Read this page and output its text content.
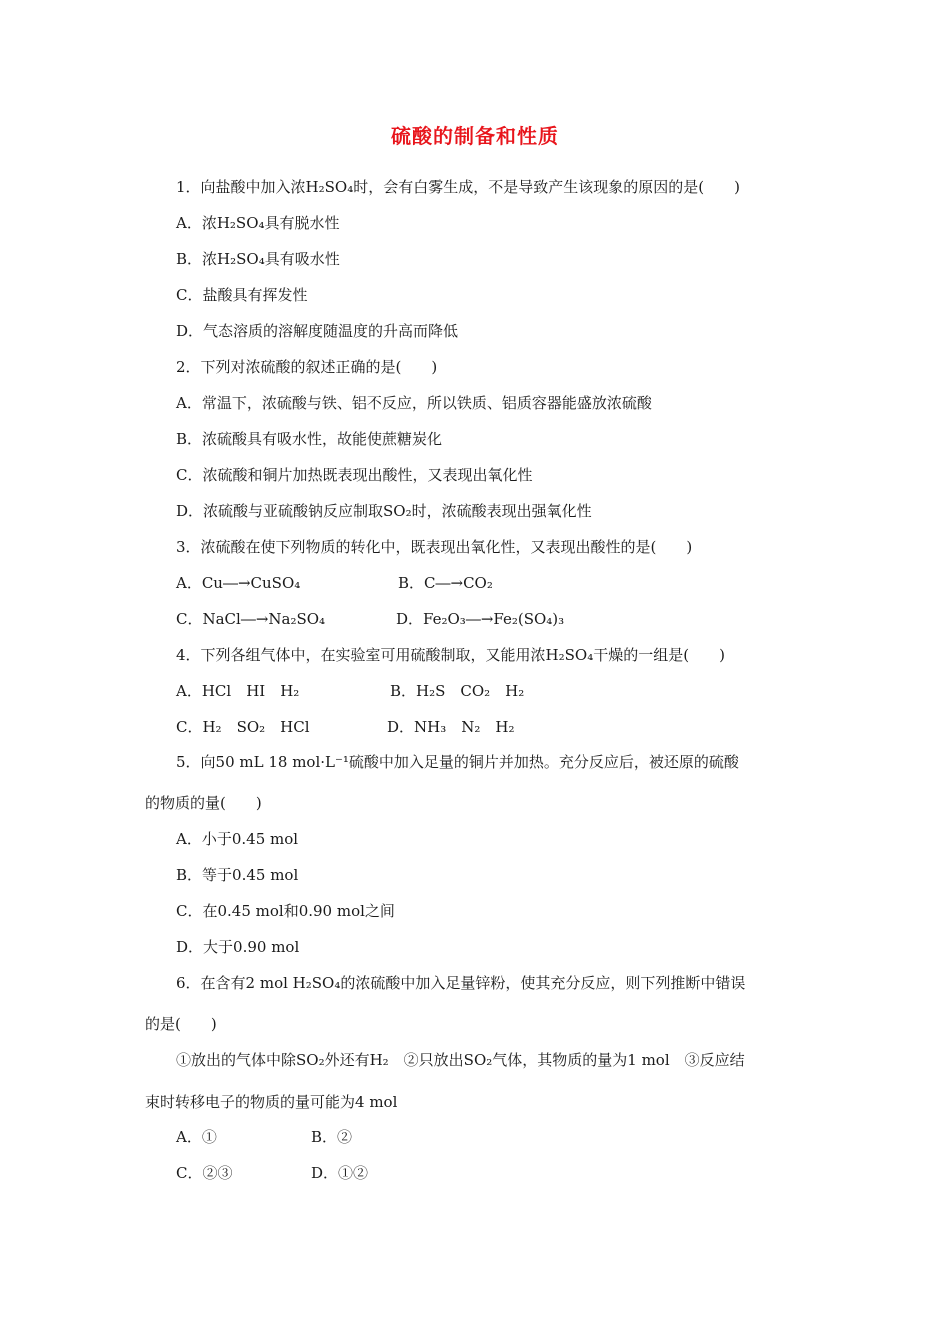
硫酸的制备和性质
1．向盐酸中加入浓H₂SO₄时，会有白雾生成，不是导致产生该现象的原因的是(　　)
A．浓H₂SO₄具有脱水性
B．浓H₂SO₄具有吸水性
C．盐酸具有挥发性
D．气态溶质的溶解度随温度的升高而降低
2．下列对浓硫酸的叙述正确的是(　　)
A．常温下，浓硫酸与铁、铝不反应，所以铁质、铝质容器能盛放浓硫酸
B．浓硫酸具有吸水性，故能使蔗糖炭化
C．浓硫酸和铜片加热既表现出酸性，又表现出氧化性
D．浓硫酸与亚硫酸钠反应制取SO₂时，浓硫酸表现出强氧化性
3．浓硫酸在使下列物质的转化中，既表现出氧化性，又表现出酸性的是(　　)
A．Cu―→CuSO₄	B．C―→CO₂
C．NaCl―→Na₂SO₄	D．Fe₂O₃―→Fe₂(SO₄)₃
4．下列各组气体中，在实验室可用硫酸制取，又能用浓H₂SO₄干燥的一组是(　　)
A．HCl　HI　H₂	B．H₂S　CO₂　H₂
C．H₂　SO₂　HCl	D．NH₃　N₂　H₂
5．向50 mL 18 mol·L⁻¹硫酸中加入足量的铜片并加热。充分反应后，被还原的硫酸
的物质的量(　　)
A．小于0.45 mol
B．等于0.45 mol
C．在0.45 mol和0.90 mol之间
D．大于0.90 mol
6．在含有2 mol H₂SO₄的浓硫酸中加入足量锌粉，使其充分反应，则下列推断中错误
的是(　　)
①放出的气体中除SO₂外还有H₂　②只放出SO₂气体，其物质的量为1 mol　③反应结
束时转移电子的物质的量可能为4 mol
A．①	B．②
C．②③	D．①②
